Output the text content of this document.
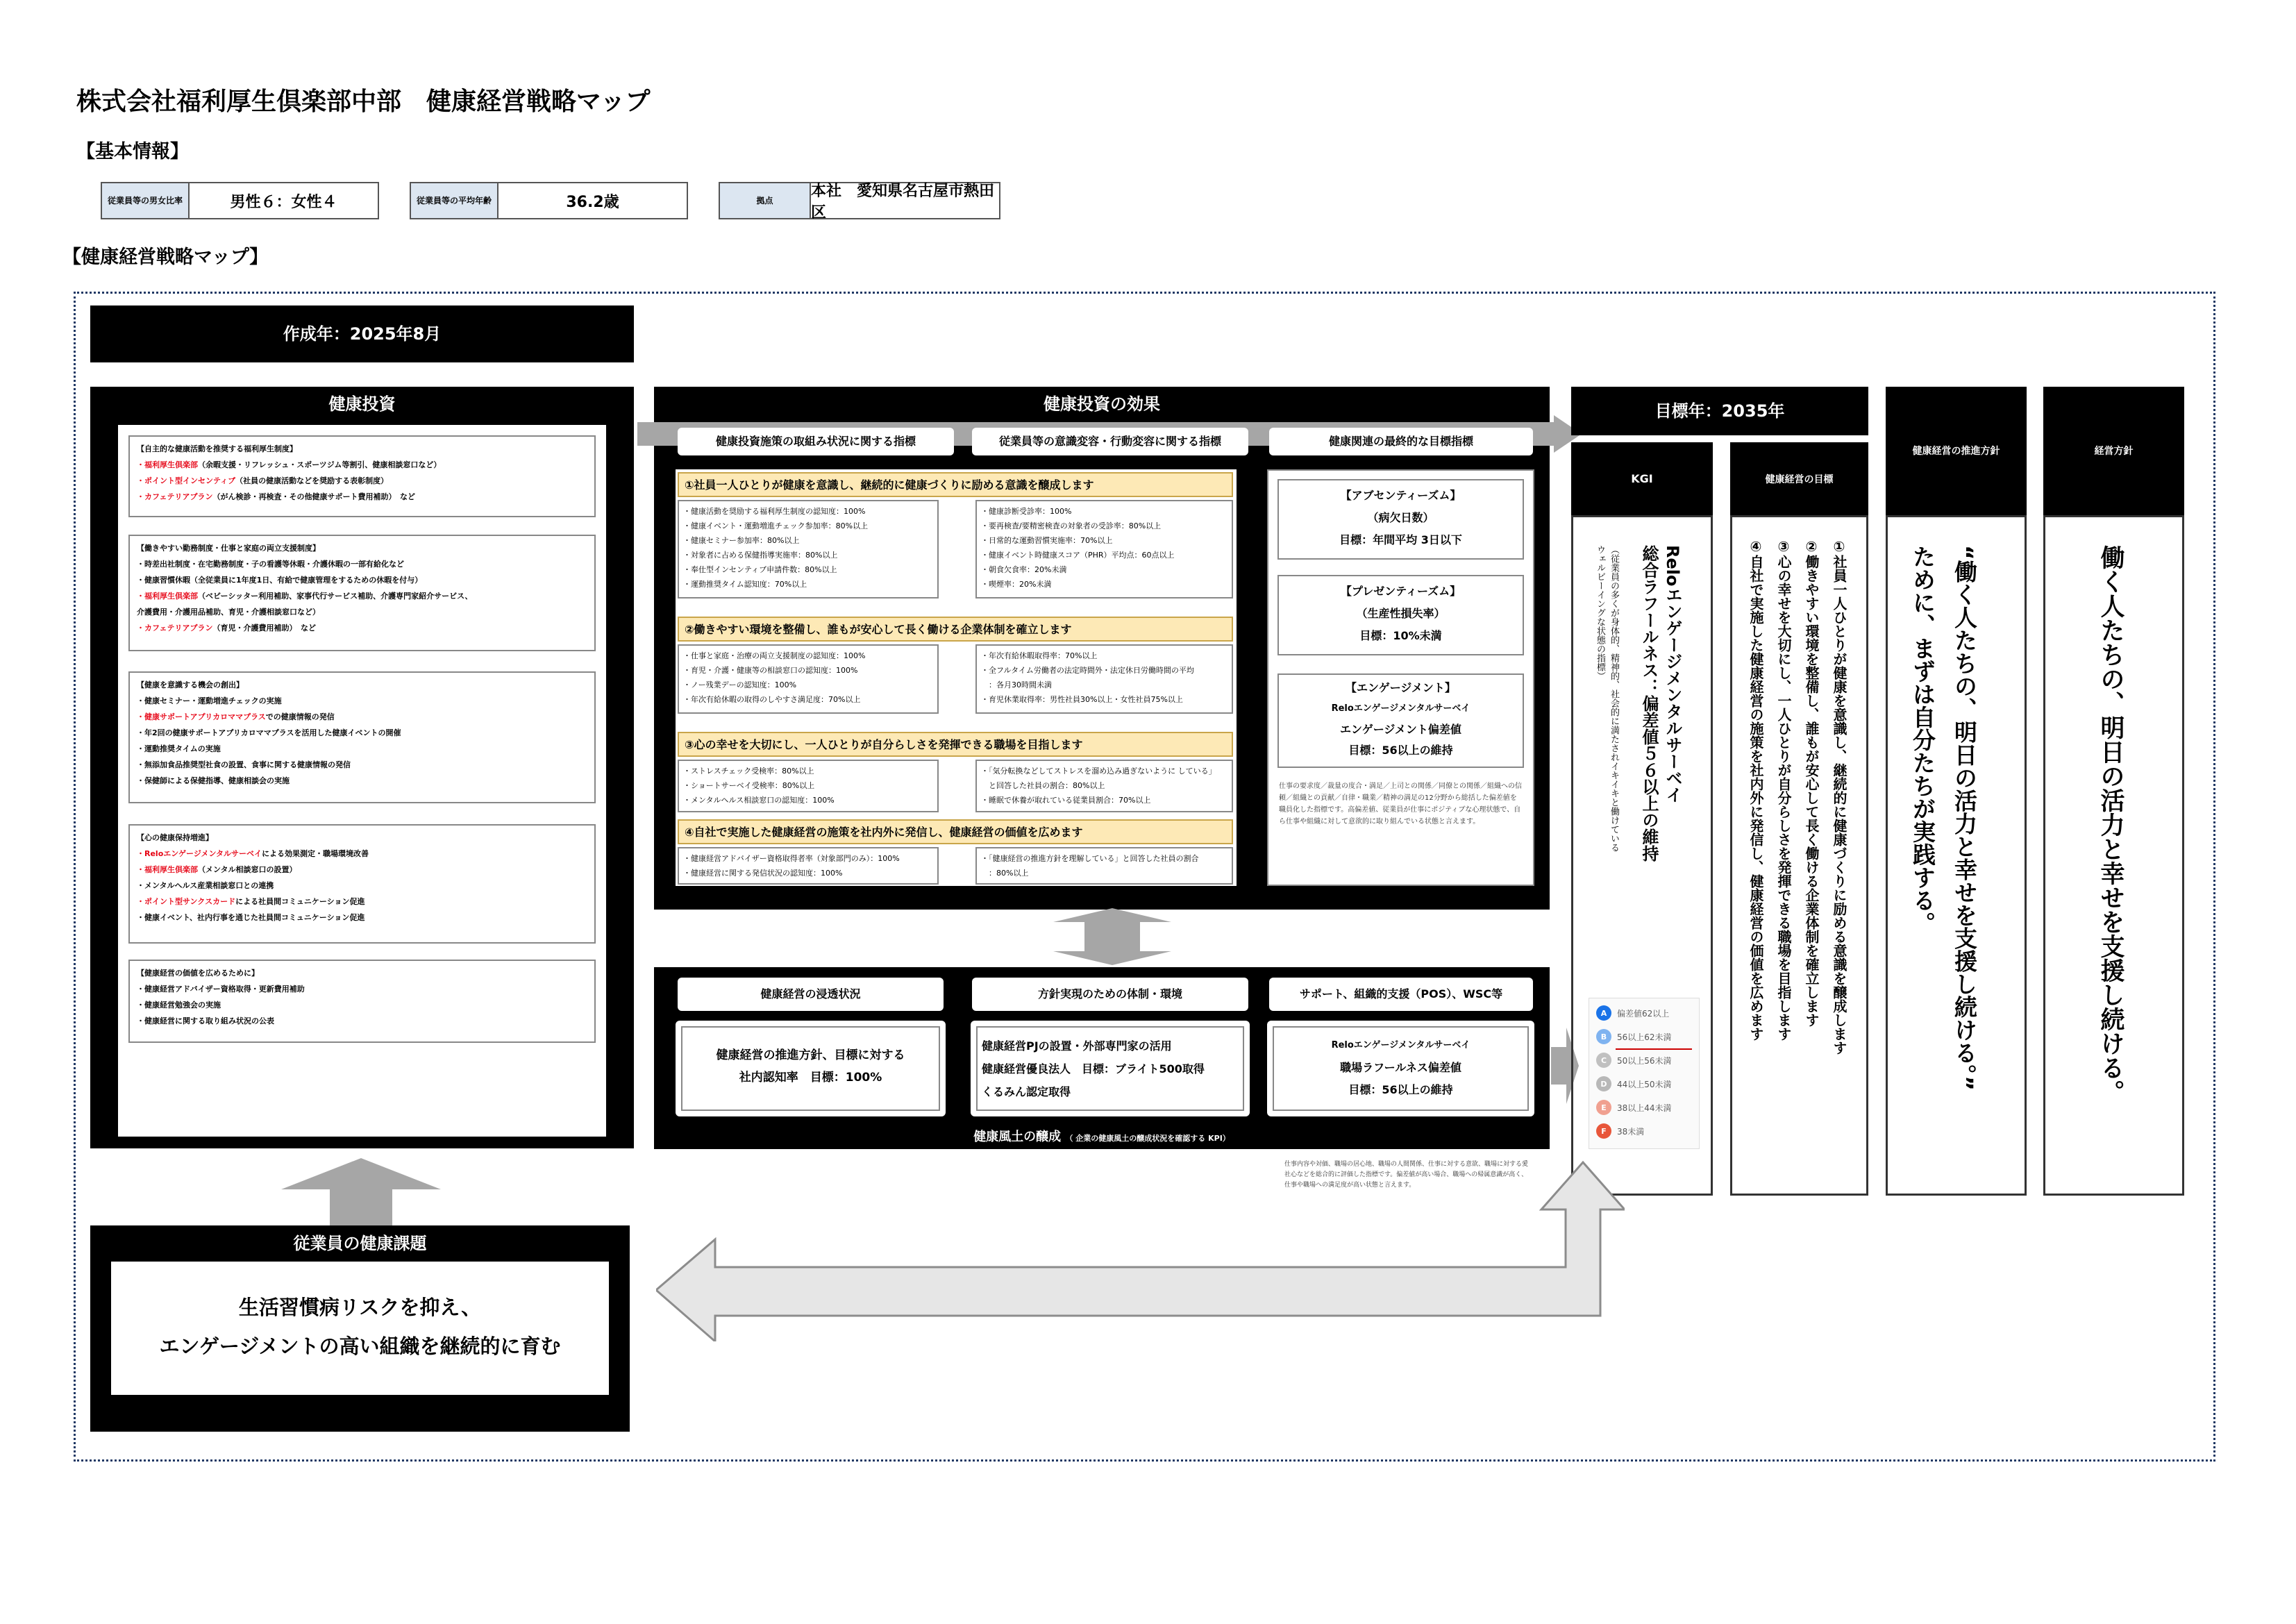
株式会社福利厚生倶楽部中部　健康経営戦略マップ
【基本情報】
従業員等の男女比率	男性６：女性４	従業員等の平均年齢	36.2歳	拠点
本社　愛知県名古屋市熱田区
【健康経営戦略マップ】
作成年：2025年8月
健康投資
【自主的な健康活動を推奨する福利厚生制度】
・福利厚生倶楽部（余暇支援・リフレッシュ・スポーツジム等割引、健康相談窓口など）
・ポイント型インセンティブ（社員の健康活動などを奨励する表彰制度）
・カフェテリアプラン（がん検診・再検査・その他健康サポート費用補助）　など
【働きやすい勤務制度・仕事と家庭の両立支援制度】
・時差出社制度・在宅勤務制度・子の看護等休暇・介護休暇の一部有給化など
・健康習慣休暇（全従業員に1年度1日、有給で健康管理をするための休暇を付与）
・福利厚生倶楽部（ベビーシッター利用補助、家事代行サービス補助、介護専門家紹介サービス、
介護費用・介護用品補助、育児・介護相談窓口など）
・カフェテリアプラン（育児・介護費用補助）　など
【健康を意識する機会の創出】
・健康セミナー・運動増進チェックの実施
・健康サポートアプリカロママプラスでの健康情報の発信
・年2回の健康サポートアプリカロママプラスを活用した健康イベントの開催
・運動推奨タイムの実施
・無添加食品推奨型社食の設置、食事に関する健康情報の発信
・保健師による保健指導、健康相談会の実施
【心の健康保持増進】
・Reloエンゲージメンタルサーベイによる効果測定・職場環境改善
・福利厚生倶楽部（メンタル相談窓口の設置）
・メンタルヘルス産業相談窓口との連携
・ポイント型サンクスカードによる社員間コミュニケーション促進
・健康イベント、社内行事を通じた社員間コミュニケーション促進
【健康経営の価値を広めるために】
・健康経営アドバイザー資格取得・更新費用補助
・健康経営勉強会の実施
・健康経営に関する取り組み状況の公表
健康投資の効果
健康投資施策の取組み状況に関する指標	従業員等の意識変容・行動変容に関する指標	健康関連の最終的な目標指標
①社員一人ひとりが健康を意識し、継続的に健康づくりに励める意識を醸成します
・健康活動を奨励する福利厚生制度の認知度：100%
・健康イベント・運動増進チェック参加率：80%以上
・健康セミナー参加率：80%以上
・対象者に占める保健指導実施率：80%以上
・奉仕型インセンティブ申請件数：80%以上
・運動推奨タイム認知度：70%以上
・健康診断受診率：100%
・要再検査/要精密検査の対象者の受診率：80%以上
・日常的な運動習慣実施率：70%以上
・健康イベント時健康スコア（PHR）平均点：60点以上
・朝食欠食率：20%未満
・喫煙率：20%未満
②働きやすい環境を整備し、誰もが安心して長く働ける企業体制を確立します
・仕事と家庭・治療の両立支援制度の認知度：100%
・育児・介護・健康等の相談窓口の認知度：100%
・ノー残業デーの認知度：100%
・年次有給休暇の取得のしやすさ満足度：70%以上
・年次有給休暇取得率：70%以上
・全フルタイム労働者の法定時間外・法定休日労働時間の平均
　：各月30時間未満
・育児休業取得率：男性社員30%以上・女性社員75%以上
③心の幸せを大切にし、一人ひとりが自分らしさを発揮できる職場を目指します
・ストレスチェック受検率：80%以上
・ショートサーベイ受検率：80%以上
・メンタルヘルス相談窓口の認知度：100%
・「気分転換などしてストレスを溜め込み過ぎないように している」
　と回答した社員の割合：80%以上
・睡眠で休養が取れている従業員割合：70%以上
④自社で実施した健康経営の施策を社内外に発信し、健康経営の価値を広めます
・健康経営アドバイザー資格取得者率（対象部門のみ）：100%
・健康経営に関する発信状況の認知度：100%
・「健康経営の推進方針を理解している」と回答した社員の割合
　：80%以上
【アブセンティーズム】
（病欠日数）
目標：年間平均 3日以下
【プレゼンティーズム】
（生産性損失率）
目標：10%未満
【エンゲージメント】
Reloエンゲージメンタルサーベイ
エンゲージメント偏差値
目標：56以上の維持
仕事の要求度／裁量の度合・満足／上司との関係／同僚との関係／組織への信頼／組織との貢献／自律・職業／精神の満足の12分野から総括した偏差値を職員化した指標です。高偏差値、従業員が仕事にポジティブな心理状態で、自ら仕事や組織に対して意欲的に取り組んでいる状態と言えます。
健康風土の醸成 （ 企業の健康風土の醸成状況を確認する KPI）
健康経営の浸透状況	方針実現のための体制・環境	サポート、組織的支援（POS）、WSC等
健康経営の推進方針、目標に対する
社内認知率　目標：100%
健康経営PJの設置・外部専門家の活用
健康経営優良法人　目標：ブライト500取得
くるみん認定取得
Reloエンゲージメンタルサーベイ
職場ラフールネス偏差値
目標：56以上の維持
仕事内容や対価、職場の居心地、職場の人間関係、仕事に対する意欲、職場に対する愛社心などを総合的に評価した指標です。偏差値が高い場合、職場への帰属意識が高く、仕事や職場への満足度が高い状態と言えます。
目標年：2035年
KGI	健康経営の目標
健康経営の推進方針	経営方針
Reloエンゲージメンタルサーベイ
総合ラフールネス：偏差値５６以上の維持
（従業員の多くが身体的、精神的、社会的に満たされイキイキと働けている
ウェルビーイングな状態の指標）
A	偏差値62以上
B	56以上62未満
C	50以上56未満
D	44以上50未満
E	38以上44未満
F	38未満
①社員一人ひとりが健康を意識し、継続的に健康づくりに励める意識を醸成します
②働きやすい環境を整備し、誰もが安心して長く働ける企業体制を確立します
③心の幸せを大切にし、一人ひとりが自分らしさを発揮できる職場を目指します
④自社で実施した健康経営の施策を社内外に発信し、健康経営の価値を広めます	“働く人たちの、明日の活力と幸せを支援し続ける。”
ために、まずは自分たちが実践する。	働く人たちの、明日の活力と幸せを支援し続ける。
従業員の健康課題
生活習慣病リスクを抑え、
エンゲージメントの高い組織を継続的に育む
